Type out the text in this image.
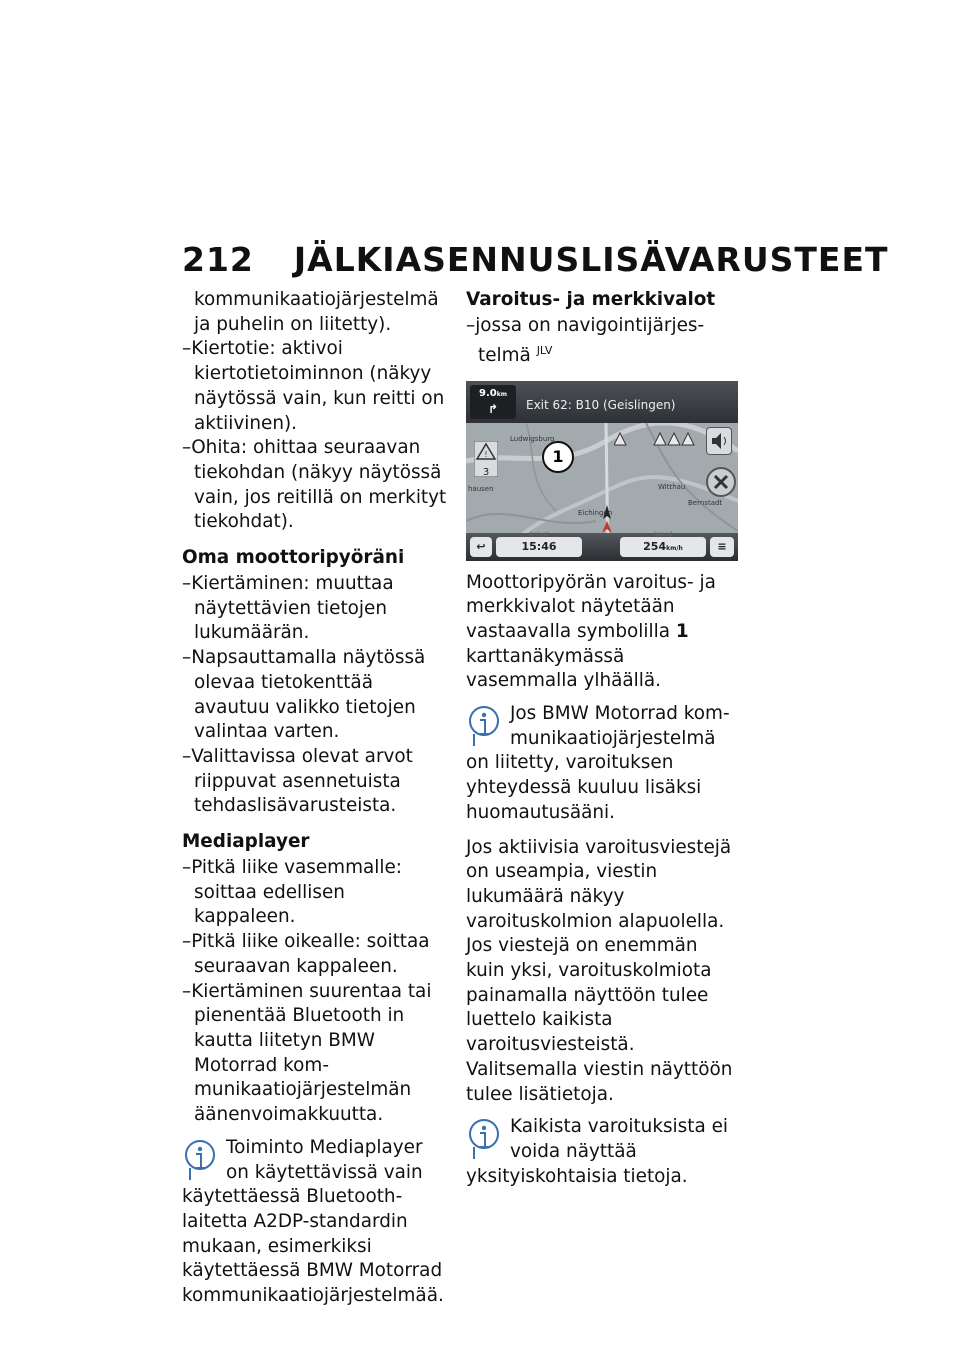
212 JÄLKIASENNUSLISÄVARUSTEET

kommunikaatiojärjestelmä ja puhelin on liitetty).

–Kiertotie: aktivoi kiertotietoiminnon (näkyy näytössä vain, kun reitti on aktiivinen).

–Ohita: ohittaa seuraavan tiekohdan (näkyy näytössä vain, jos reitillä on merkityt tiekohdat).

Oma moottoripyöräni

–Kiertäminen: muuttaa näytettävien tietojen lukumäärän.

–Napsauttamalla näytössä olevaa tietokenttää avautuu valikko tietojen valintaa varten.

–Valittavissa olevat arvot riippuvat asennetuista tehdaslisävarusteista.

Mediaplayer

–Pitkä liike vasemmalle: soittaa edellisen kappaleen.

–Pitkä liike oikealle: soittaa seuraavan kappaleen.

–Kiertäminen suurentaa tai pienentää Bluetooth in kautta liitetyn BMW Motorrad kommunikaatiojärjestelmän äänenvoimakkuutta.

Toiminto Mediaplayer on käytettävissä vain käytettäessä Bluetooth-laitetta A2DP-standardin mukaan, esimerkiksi käytettäessä BMW Motorrad kommunikaatiojärjestelmää.
Varoitus- ja merkkivalot

–jossa on navigointijärjestelmä $^{JLV}$

9.0km
↱	Exit 62: B10 (Geislingen)
!
3
1
Ludwigsburg
hausen	Witthau
Eichingen
Bernstadt
↩
Arrival
15:46
Speed
254km/h	≡

Moottoripyörän varoitus- ja merkkivalot näytetään vastaavalla symbolilla 1 karttanäkymässä vasemmalla ylhäällä.

Jos BMW Motorrad kommunikaatiojärjestelmä on liitetty, varoituksen yhteydessä kuuluu lisäksi huomautusääni.

Jos aktiivisia varoitusviestejä on useampia, viestin lukumäärä näkyy varoituskolmion alapuolella. Jos viestejä on enemmän kuin yksi, varoituskolmiota painamalla näyttöön tulee luettelo kaikista varoitusviesteistä. Valitsemalla viestin näyttöön tulee lisätietoja.

Kaikista varoituksista ei voida näyttää yksityiskohtaisia tietoja.
